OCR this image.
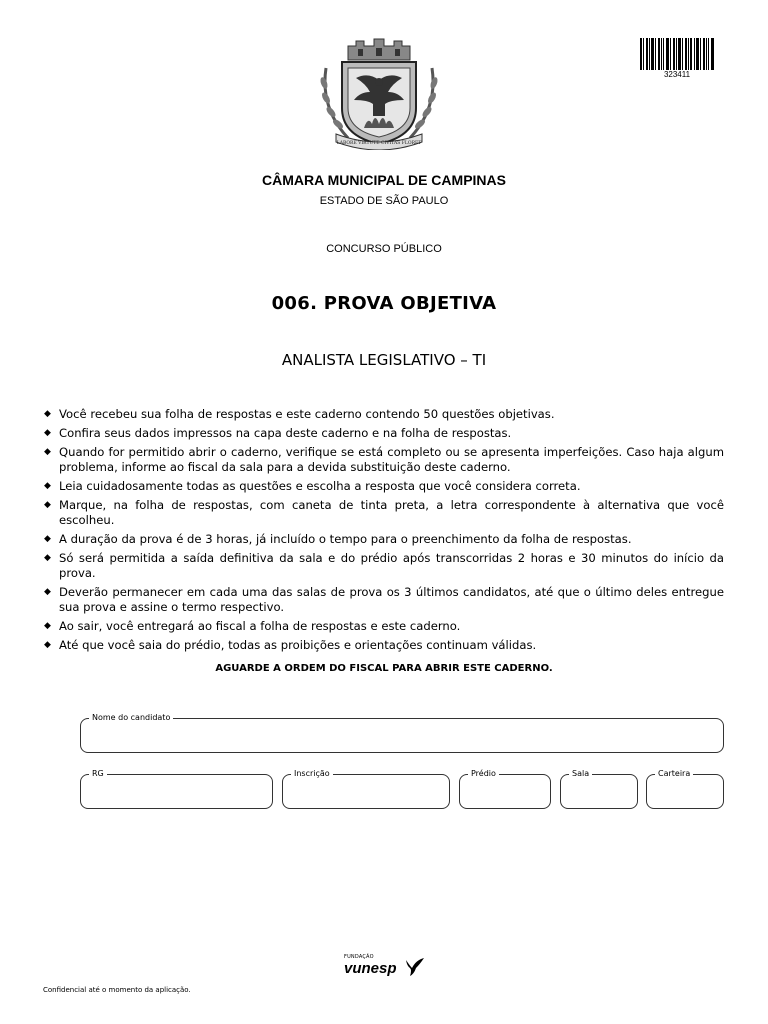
LABORE VIRTUTE CIVITAS FLORET
323411
CÂMARA MUNICIPAL DE CAMPINAS
ESTADO DE SÃO PAULO
CONCURSO PÚBLICO
006. PROVA OBJETIVA
ANALISTA LEGISLATIVO – TI
◆ Você recebeu sua folha de respostas e este caderno contendo 50 questões objetivas.
◆ Confira seus dados impressos na capa deste caderno e na folha de respostas.
◆ Quando for permitido abrir o caderno, verifique se está completo ou se apresenta imperfeições. Caso haja algum problema, informe ao fiscal da sala para a devida substituição deste caderno.
◆ Leia cuidadosamente todas as questões e escolha a resposta que você considera correta.
◆ Marque, na folha de respostas, com caneta de tinta preta, a letra correspondente à alternativa que você escolheu.
◆ A duração da prova é de 3 horas, já incluído o tempo para o preenchimento da folha de respostas.
◆ Só será permitida a saída definitiva da sala e do prédio após transcorridas 2 horas e 30 minutos do início da prova.
◆ Deverão permanecer em cada uma das salas de prova os 3 últimos candidatos, até que o último deles entregue sua prova e assine o termo respectivo.
◆ Ao sair, você entregará ao fiscal a folha de respostas e este caderno.
◆ Até que você saia do prédio, todas as proibições e orientações continuam válidas.
AGUARDE A ORDEM DO FISCAL PARA ABRIR ESTE CADERNO.
Nome do candidato
RG	Inscrição	Prédio	Sala	Carteira
FUNDAÇÃO
vunesp
Confidencial até o momento da aplicação.
